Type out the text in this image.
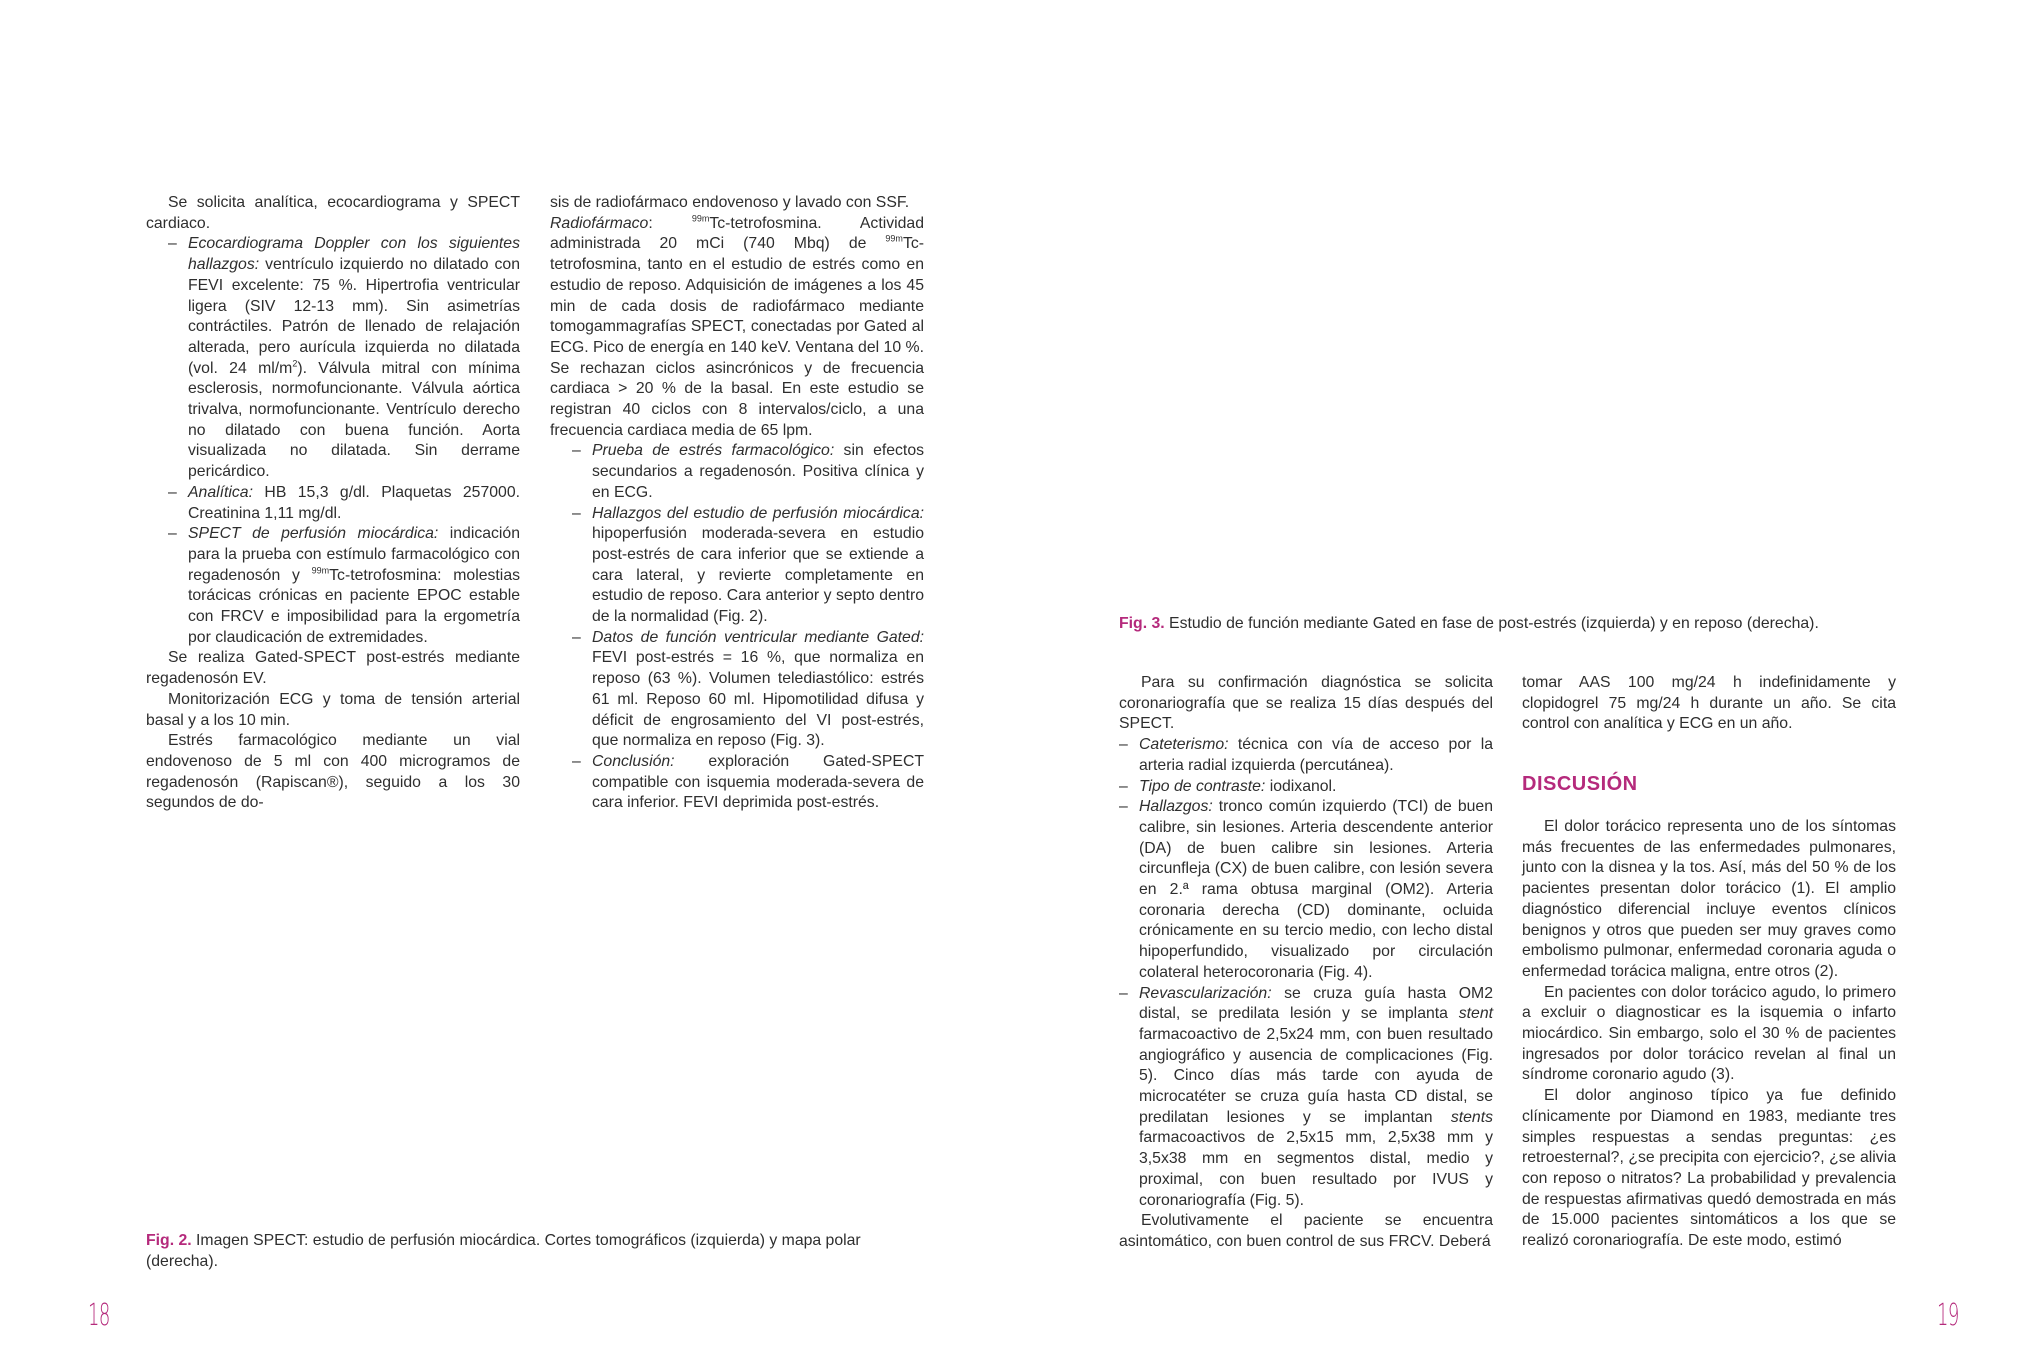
Se solicita analítica, ecocardiograma y SPECT cardiaco.

– Ecocardiograma Doppler con los siguientes hallazgos: ventrículo izquierdo no dilatado con FEVI excelente: 75 %. Hipertrofia ventricular ligera (SIV 12-13 mm). Sin asimetrías contráctiles. Patrón de llenado de relajación alterada, pero aurícula izquierda no dilatada (vol. 24 $ml/m^2$). Válvula mitral con mínima esclerosis, normofuncionante. Válvula aórtica trivalva, normofuncionante. Ventrículo derecho no dilatado con buena función. Aorta visualizada no dilatada. Sin derrame pericárdico.
– Analítica: HB 15,3 g/dl. Plaquetas 257000. Creatinina 1,11 mg/dl.
– SPECT de perfusión miocárdica: indicación para la prueba con estímulo farmacológico con regadenosón y $^{99m}$Tc-tetrofosmina: molestias torácicas crónicas en paciente EPOC estable con FRCV e imposibilidad para la ergometría por claudicación de extremidades.

Se realiza Gated-SPECT post-estrés mediante regadenosón EV.

Monitorización ECG y toma de tensión arterial basal y a los 10 min.

Estrés farmacológico mediante un vial endovenoso de 5 ml con 400 microgramos de regadenosón (Rapiscan®), seguido a los 30 segundos de do-

sis de radiofármaco endovenoso y lavado con SSF.

Radiofármaco: $^{99m}$Tc-tetrofosmina. Actividad administrada 20 mCi (740 Mbq) de $^{99m}$Tc-tetrofosmina, tanto en el estudio de estrés como en estudio de reposo. Adquisición de imágenes a los 45 min de cada dosis de radiofármaco mediante tomogammagrafías SPECT, conectadas por Gated al ECG. Pico de energía en 140 keV. Ventana del 10 %. Se rechazan ciclos asincrónicos y de frecuencia cardiaca > 20 % de la basal. En este estudio se registran 40 ciclos con 8 intervalos/ciclo, a una frecuencia cardiaca media de 65 lpm.

– Prueba de estrés farmacológico: sin efectos secundarios a regadenosón. Positiva clínica y en ECG.
– Hallazgos del estudio de perfusión miocárdica: hipoperfusión moderada-severa en estudio post-estrés de cara inferior que se extiende a cara lateral, y revierte completamente en estudio de reposo. Cara anterior y septo dentro de la normalidad (Fig. 2).
– Datos de función ventricular mediante Gated: FEVI post-estrés = 16 %, que normaliza en reposo (63 %). Volumen telediastólico: estrés 61 ml. Reposo 60 ml. Hipomotilidad difusa y déficit de engrosamiento del VI post-estrés, que normaliza en reposo (Fig. 3).
– Conclusión: exploración Gated-SPECT compatible con isquemia moderada-severa de cara inferior. FEVI deprimida post-estrés.
Fig. 2. Imagen SPECT: estudio de perfusión miocárdica. Cortes tomográficos (izquierda) y mapa polar (derecha).
18
Fig. 3. Estudio de función mediante Gated en fase de post-estrés (izquierda) y en reposo (derecha).

Para su confirmación diagnóstica se solicita coronariografía que se realiza 15 días después del SPECT.

– Cateterismo: técnica con vía de acceso por la arteria radial izquierda (percutánea).
– Tipo de contraste: iodixanol.
– Hallazgos: tronco común izquierdo (TCI) de buen calibre, sin lesiones. Arteria descendente anterior (DA) de buen calibre sin lesiones. Arteria circunfleja (CX) de buen calibre, con lesión severa en 2.ª rama obtusa marginal (OM2). Arteria coronaria derecha (CD) dominante, ocluida crónicamente en su tercio medio, con lecho distal hipoperfundido, visualizado por circulación colateral heterocoronaria (Fig. 4).
– Revascularización: se cruza guía hasta OM2 distal, se predilata lesión y se implanta stent farmacoactivo de 2,5x24 mm, con buen resultado angiográfico y ausencia de complicaciones (Fig. 5). Cinco días más tarde con ayuda de microcatéter se cruza guía hasta CD distal, se predilatan lesiones y se implantan stents farmacoactivos de 2,5x15 mm, 2,5x38 mm y 3,5x38 mm en segmentos distal, medio y proximal, con buen resultado por IVUS y coronariografía (Fig. 5).

Evolutivamente el paciente se encuentra asintomático, con buen control de sus FRCV. Deberá

tomar AAS 100 mg/24 h indefinidamente y clopidogrel 75 mg/24 h durante un año. Se cita control con analítica y ECG en un año.

DISCUSIÓN

El dolor torácico representa uno de los síntomas más frecuentes de las enfermedades pulmonares, junto con la disnea y la tos. Así, más del 50 % de los pacientes presentan dolor torácico (1). El amplio diagnóstico diferencial incluye eventos clínicos benignos y otros que pueden ser muy graves como embolismo pulmonar, enfermedad coronaria aguda o enfermedad torácica maligna, entre otros (2).

En pacientes con dolor torácico agudo, lo primero a excluir o diagnosticar es la isquemia o infarto miocárdico. Sin embargo, solo el 30 % de pacientes ingresados por dolor torácico revelan al final un síndrome coronario agudo (3).

El dolor anginoso típico ya fue definido clínicamente por Diamond en 1983, mediante tres simples respuestas a sendas preguntas: ¿es retroesternal?, ¿se precipita con ejercicio?, ¿se alivia con reposo o nitratos? La probabilidad y prevalencia de respuestas afirmativas quedó demostrada en más de 15.000 pacientes sintomáticos a los que se realizó coronariografía. De este modo, estimó

19
